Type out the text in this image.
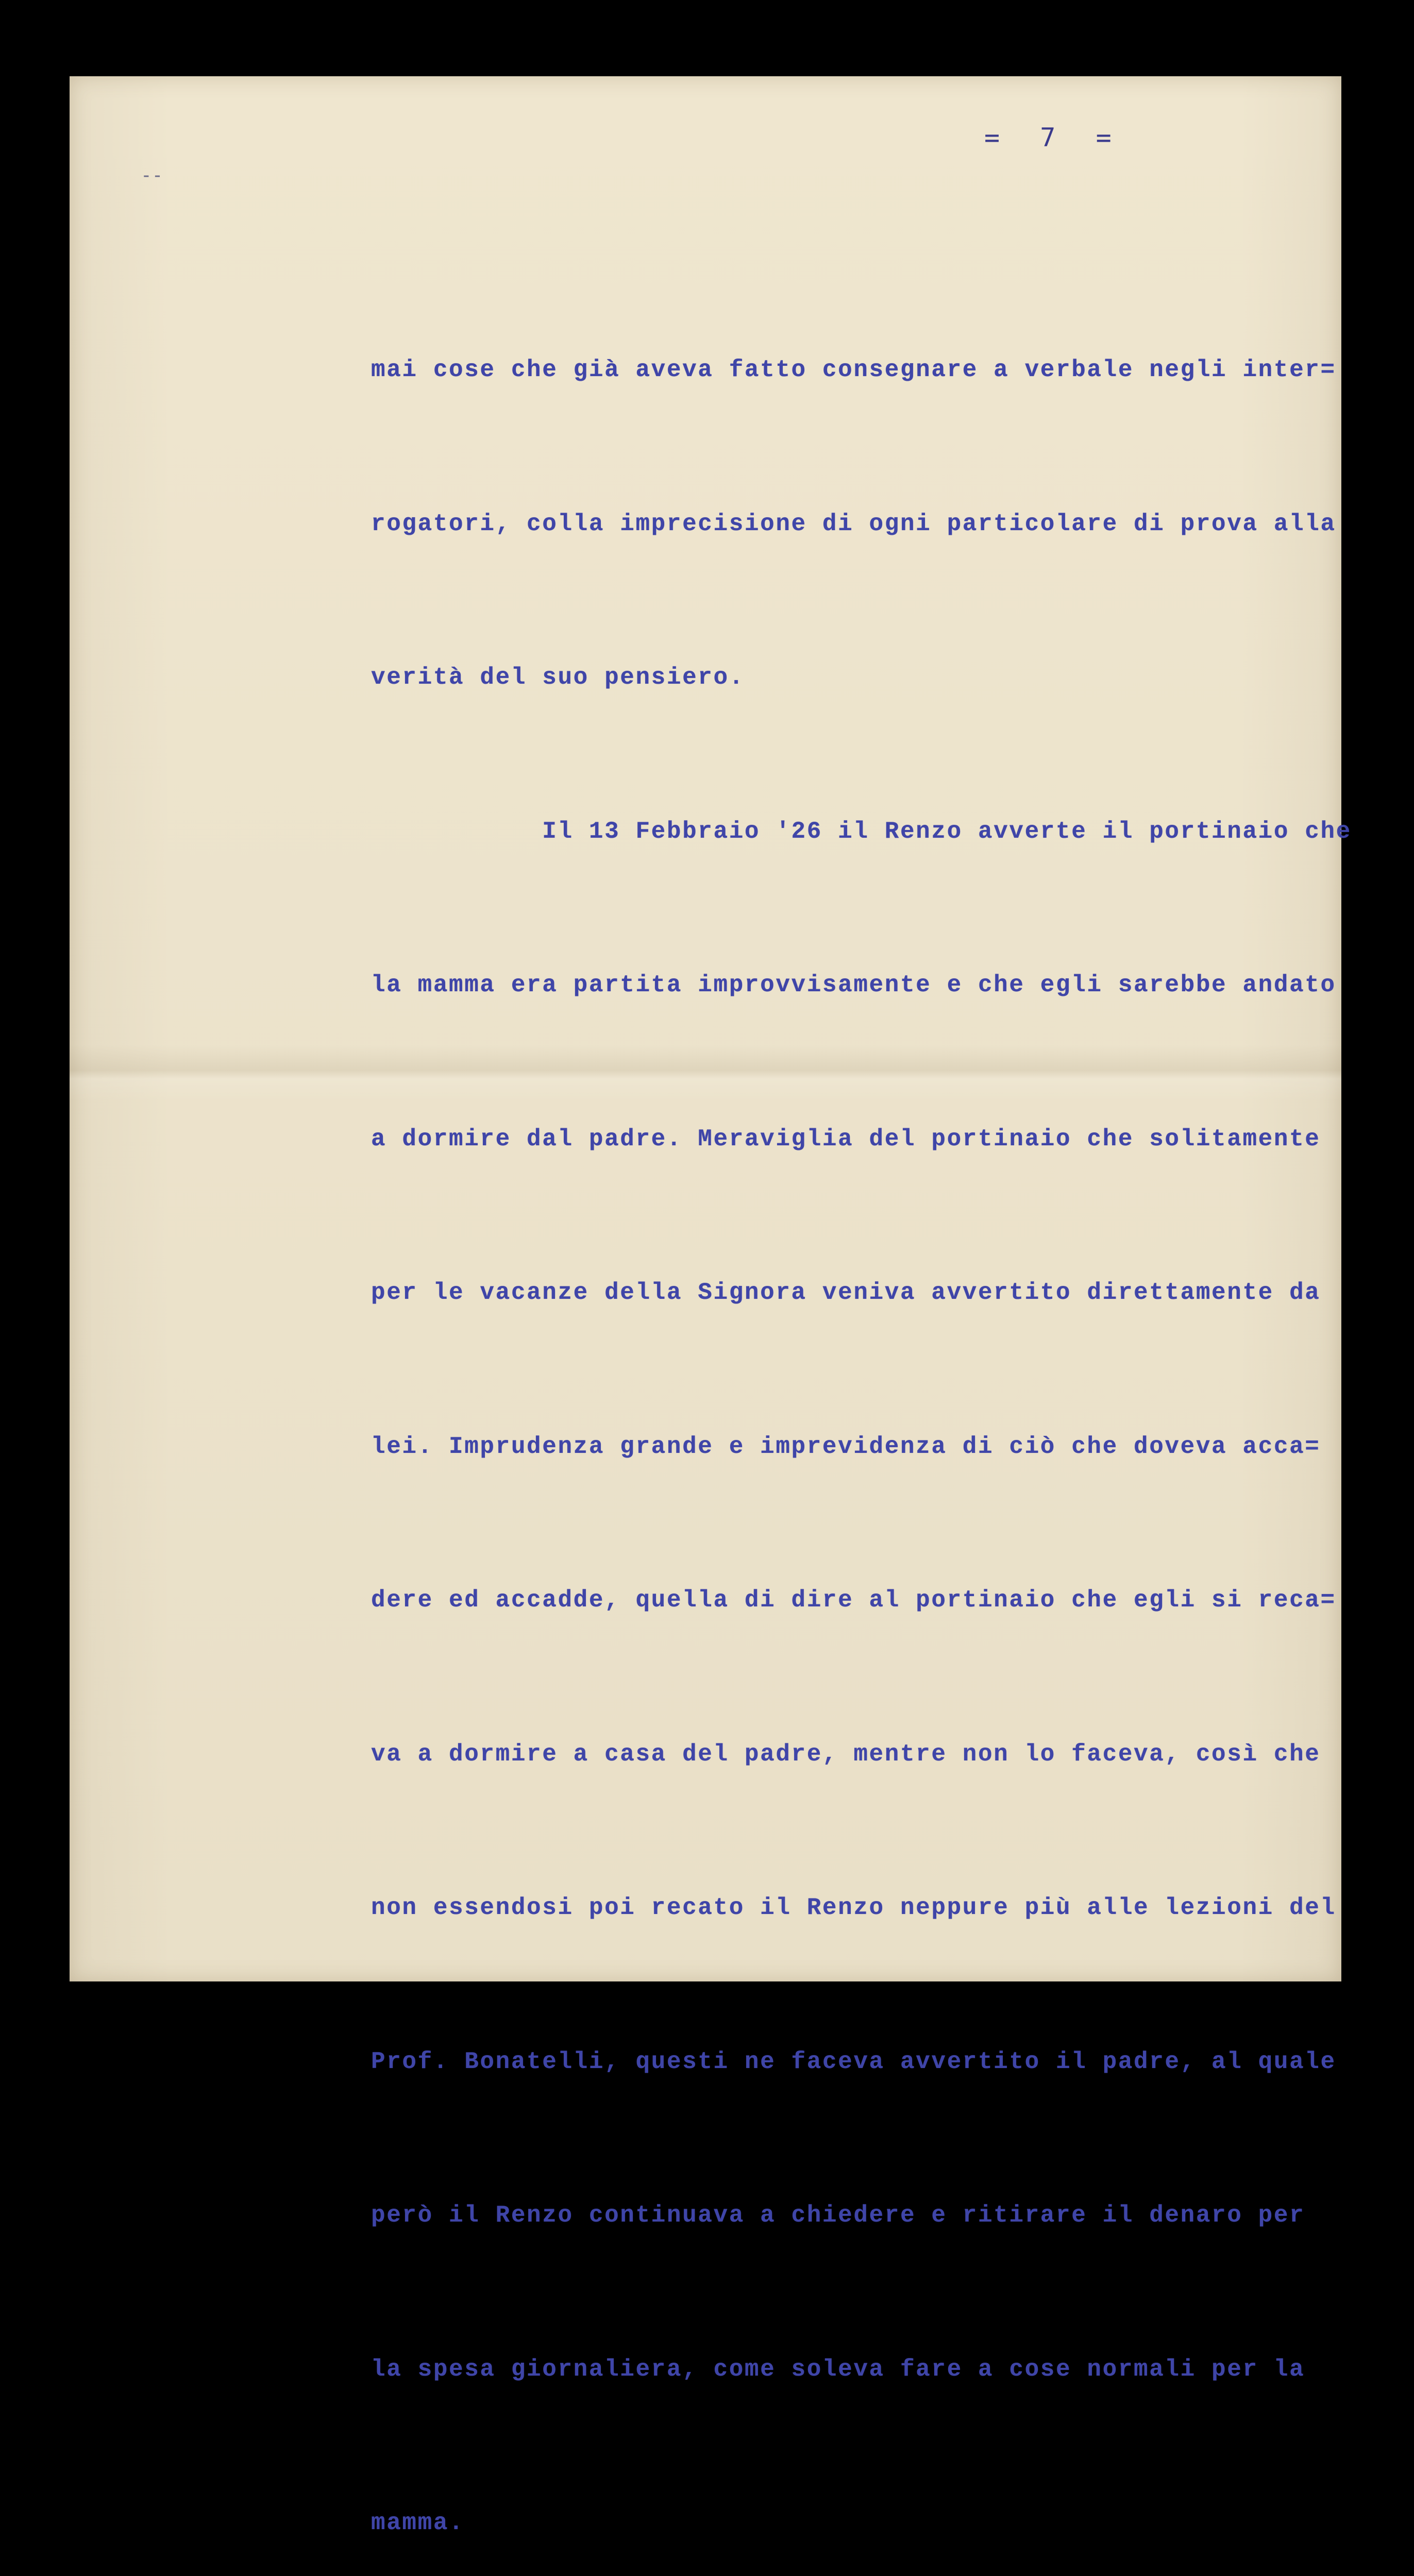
=  7  =
--

mai cose che già aveva fatto consegnare a verbale negli inter=

rogatori, colla imprecisione di ogni particolare di prova alla

verità del suo pensiero.

Il 13 Febbraio '26 il Renzo avverte il portinaio che

la mamma era partita improvvisamente e che egli sarebbe andato

a dormire dal padre. Meraviglia del portinaio che solitamente

per le vacanze della Signora veniva avvertito direttamente da

lei. Imprudenza grande e imprevidenza di ciò che doveva acca=

dere ed accadde, quella di dire al portinaio che egli si reca=

va a dormire a casa del padre, mentre non lo faceva, così che

non essendosi poi recato il Renzo neppure più alle lezioni del

Prof. Bonatelli, questi ne faceva avvertito il padre, al quale

però il Renzo continuava a chiedere e ritirare il denaro per

la spesa giornaliera, come soleva fare a cose normali per la

mamma.
